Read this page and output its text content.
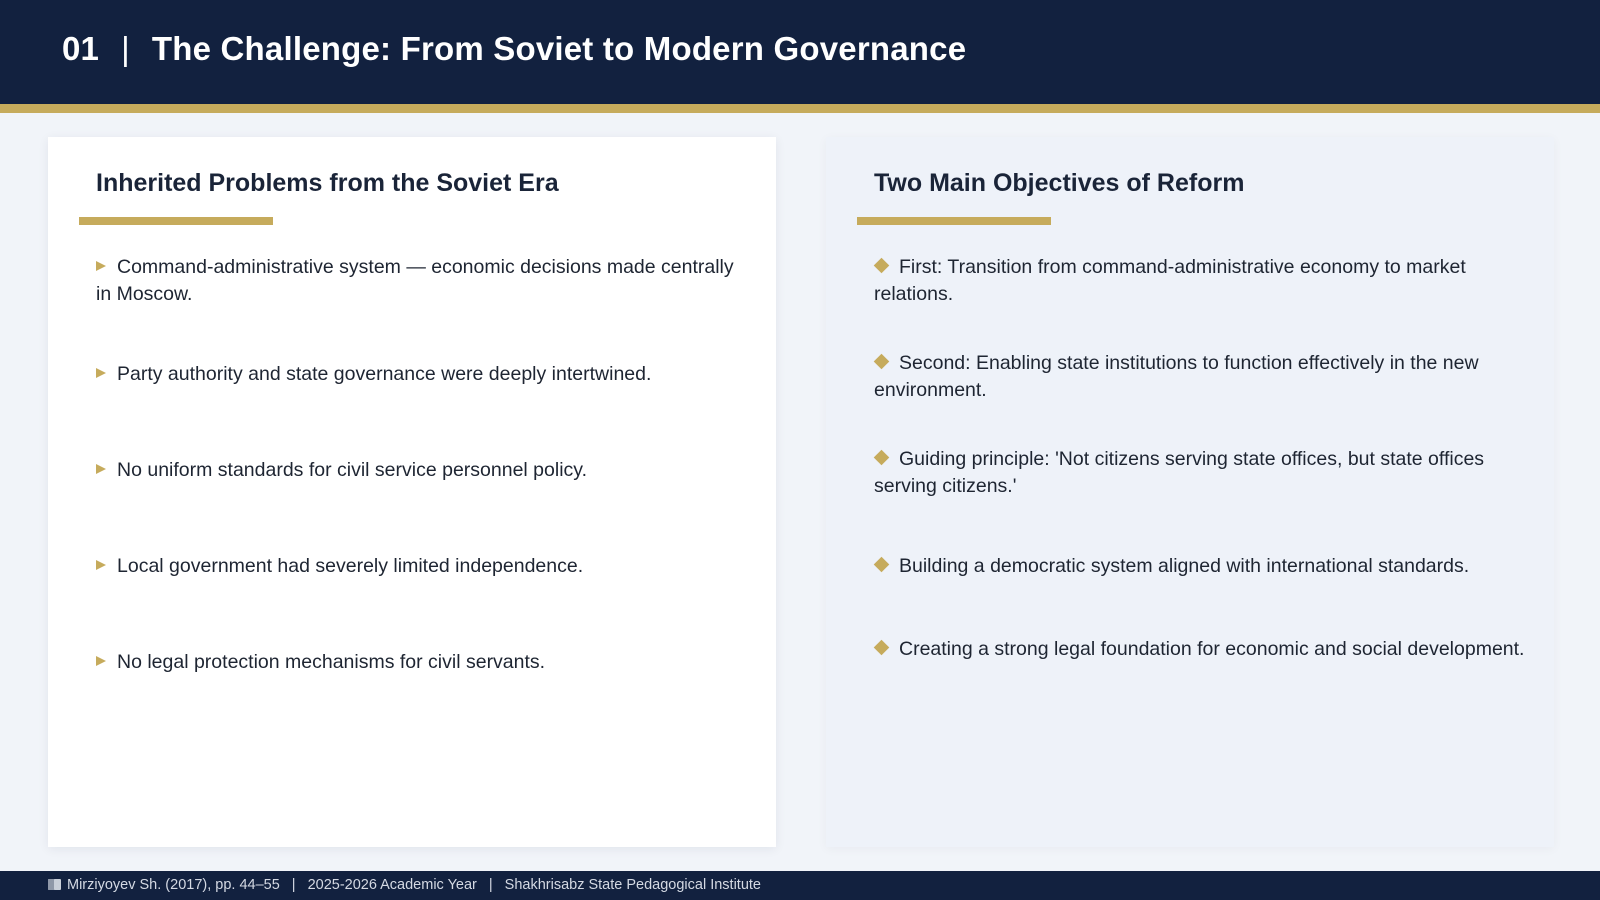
01 | The Challenge: From Soviet to Modern Governance
Inherited Problems from the Soviet Era

Command-administrative system — economic decisions made centrally in Moscow.

Party authority and state governance were deeply intertwined.

No uniform standards for civil service personnel policy.

Local government had severely limited independence.

No legal protection mechanisms for civil servants.

Two Main Objectives of Reform

First: Transition from command-administrative economy to market relations.

Second: Enabling state institutions to function effectively in the new environment.

Guiding principle: 'Not citizens serving state offices, but state offices serving citizens.'

Building a democratic system aligned with international standards.

Creating a strong legal foundation for economic and social development.

Mirziyoyev Sh. (2017), pp. 44–55 | 2025-2026 Academic Year | Shakhrisabz State Pedagogical Institute
